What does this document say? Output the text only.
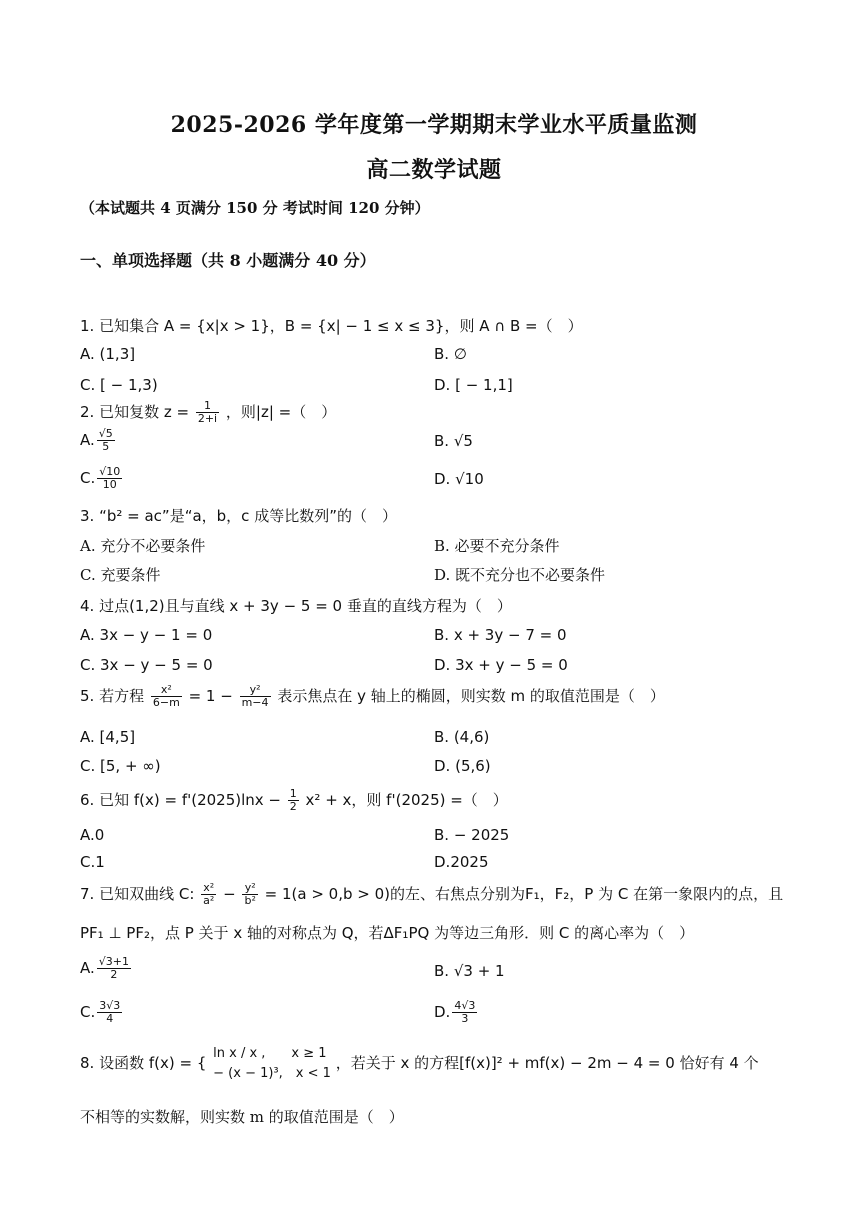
2025-2026 学年度第一学期期末学业水平质量监测
高二数学试题
（本试题共 4 页满分 150 分 考试时间 120 分钟）
一、单项选择题（共 8 小题满分 40 分）
1. 已知集合 A = {x|x > 1}，B = {x| − 1 ≤ x ≤ 3}，则 A ∩ B =（　）
A. (1,3]	B. ∅
C. [ − 1,3)	D. [ − 1,1]
2. 已知复数 $z = \frac{1}{2+i}$ ，则|z| =（　）
A. $\frac{√5}{5}$	B. √5
C. $\frac{√10}{10}$	D. √10
3. “b² = ac”是“a，b，c 成等比数列”的（　）
A. 充分不必要条件	B. 必要不充分条件
C. 充要条件	D. 既不充分也不必要条件
4. 过点(1,2)且与直线 x + 3y − 5 = 0 垂直的直线方程为（　）
A. 3x − y − 1 = 0	B. x + 3y − 7 = 0
C. 3x − y − 5 = 0	D. 3x + y − 5 = 0
5. 若方程 $\frac{\text{x²}}{6-m} = 1 - \frac{\text{y²}}{m-4}$ 表示焦点在 y 轴上的椭圆，则实数 m 的取值范围是（　）
A. [4,5]	B. (4,6)
C. [5, + ∞)	D. (5,6)
6. 已知 $f(x) = f'(2025)\ln x - \frac{1}{2} x^2 + x$，则 f'(2025) =（　）
A.0	B. − 2025
C.1	D.2025
7. 已知双曲线 C: $\frac{\text{x²}}{\text{a²}} - \frac{\text{y²}}{\text{b²}} = 1(a > 0,b > 0)$的左、右焦点分别为F₁，F₂，P 为 C 在第一象限内的点，且
PF₁ ⊥ PF₂，点 P 关于 x 轴的对称点为 Q，若ΔF₁PQ 为等边三角形．则 C 的离心率为（　）
A. $\frac{√3+1}{2}$	B. √3 + 1
C. $\frac{3√3}{4}$	D. $\frac{4√3}{3}$
8. 设函数 f(x) = {
ln x / x ,　　x ≥ 1
− (x − 1)³,　x < 1
，若关于 x 的方程[f(x)]² + mf(x) − 2m − 4 = 0 恰好有 4 个
不相等的实数解，则实数 m 的取值范围是（　）
